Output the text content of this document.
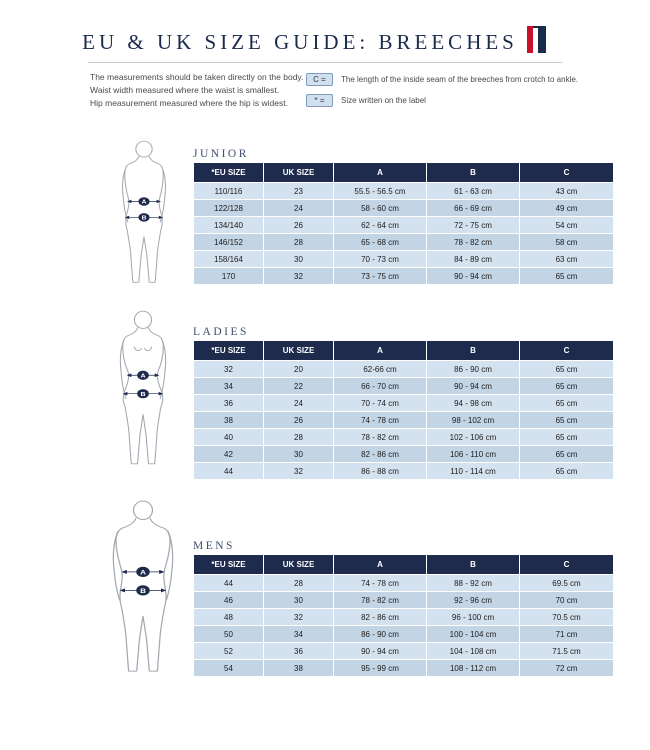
EU & UK SIZE GUIDE: BREECHES

The measurements should be taken directly on the body.

Waist width measured where the waist is smallest.

Hip measurement measured where the hip is widest.

C =	The length of the inside seam of the breeches from crotch to ankle.
* =	Size written on the label
A
B
JUNIOR
*EU SIZE	UK SIZE	A	B	C
110/116	23	55.5 - 56.5 cm	61 - 63 cm	43 cm
122/128	24	58 - 60 cm	66 - 69 cm	49 cm
134/140	26	62 - 64 cm	72 - 75 cm	54 cm
146/152	28	65 - 68 cm	78 - 82 cm	58 cm
158/164	30	70 - 73 cm	84 - 89 cm	63 cm
170	32	73 - 75 cm	90 - 94 cm	65 cm
A
B
LADIES
*EU SIZE	UK SIZE	A	B	C
32	20	62-66 cm	86 - 90 cm	65 cm
34	22	66 - 70 cm	90 - 94 cm	65 cm
36	24	70 - 74 cm	94 - 98 cm	65 cm
38	26	74 - 78 cm	98 - 102 cm	65 cm
40	28	78 - 82 cm	102 - 106 cm	65 cm
42	30	82 - 86 cm	106 - 110 cm	65 cm
44	32	86 - 88 cm	110 - 114 cm	65 cm
A
B
MENS
*EU SIZE	UK SIZE	A	B	C
44	28	74 - 78 cm	88 - 92 cm	69.5 cm
46	30	78 - 82 cm	92 - 96 cm	70 cm
48	32	82 - 86 cm	96 - 100 cm	70.5 cm
50	34	86 - 90 cm	100 - 104 cm	71 cm
52	36	90 - 94 cm	104 - 108 cm	71.5 cm
54	38	95 - 99 cm	108 - 112 cm	72 cm
